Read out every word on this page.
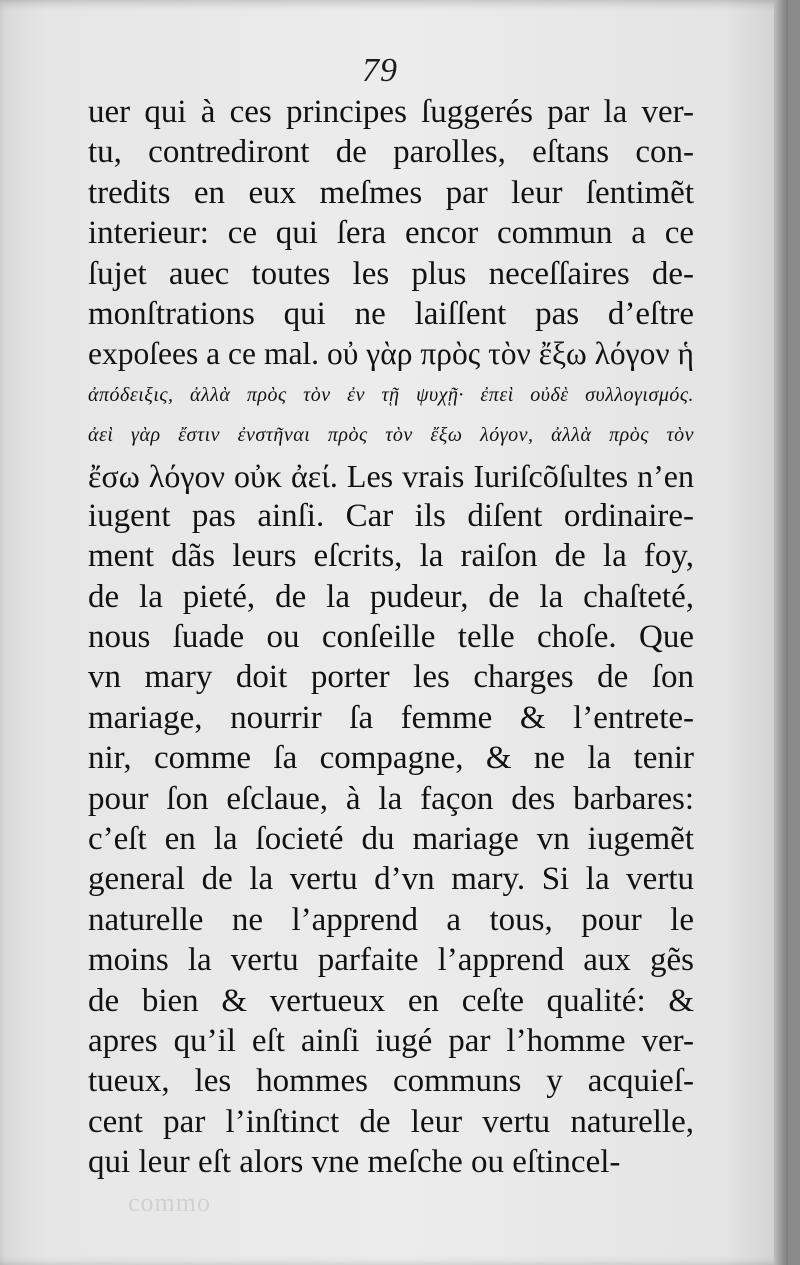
79
uer qui à ces principes ſuggerés par la ver-
tu, contrediront de parolles, eſtans con-
tredits en eux meſmes par leur ſentimẽt
interieur: ce qui ſera encor commun a ce
ſujet auec toutes les plus neceſſaires de-
monſtrations qui ne laiſſent pas d’eſtre
expoſees a ce mal. οὐ γὰρ πρὸς τὸν ἔξω λόγον ἡ
ἀπόδειξις, ἀλλὰ πρὸς τὸν ἐν τῇ ψυχῇ· ἐπεὶ οὐδὲ συλλογισμός.
ἀεὶ γὰρ ἔστιν ἐνστῆναι πρὸς τὸν ἔξω λόγον, ἀλλὰ πρὸς τὸν
ἔσω λόγον οὐκ ἀεί. Les vrais Iuriſcõſultes n’en
iugent pas ainſi. Car ils diſent ordinaire-
ment dãs leurs eſcrits, la raiſon de la foy,
de la pieté, de la pudeur, de la chaſteté,
nous ſuade ou conſeille telle choſe. Que
vn mary doit porter les charges de ſon
mariage, nourrir ſa femme & l’entrete-
nir, comme ſa compagne, & ne la tenir
pour ſon eſclaue, à la façon des barbares:
c’eſt en la ſocieté du mariage vn iugemẽt
general de la vertu d’vn mary. Si la vertu
naturelle ne l’apprend a tous, pour le
moins la vertu parfaite l’apprend aux gẽs
de bien & vertueux en ceſte qualité: &
apres qu’il eſt ainſi iugé par l’homme ver-
tueux, les hommes communs y acquieſ-
cent par l’inſtinct de leur vertu naturelle,
qui leur eſt alors vne meſche ou eſtincel-
commo
